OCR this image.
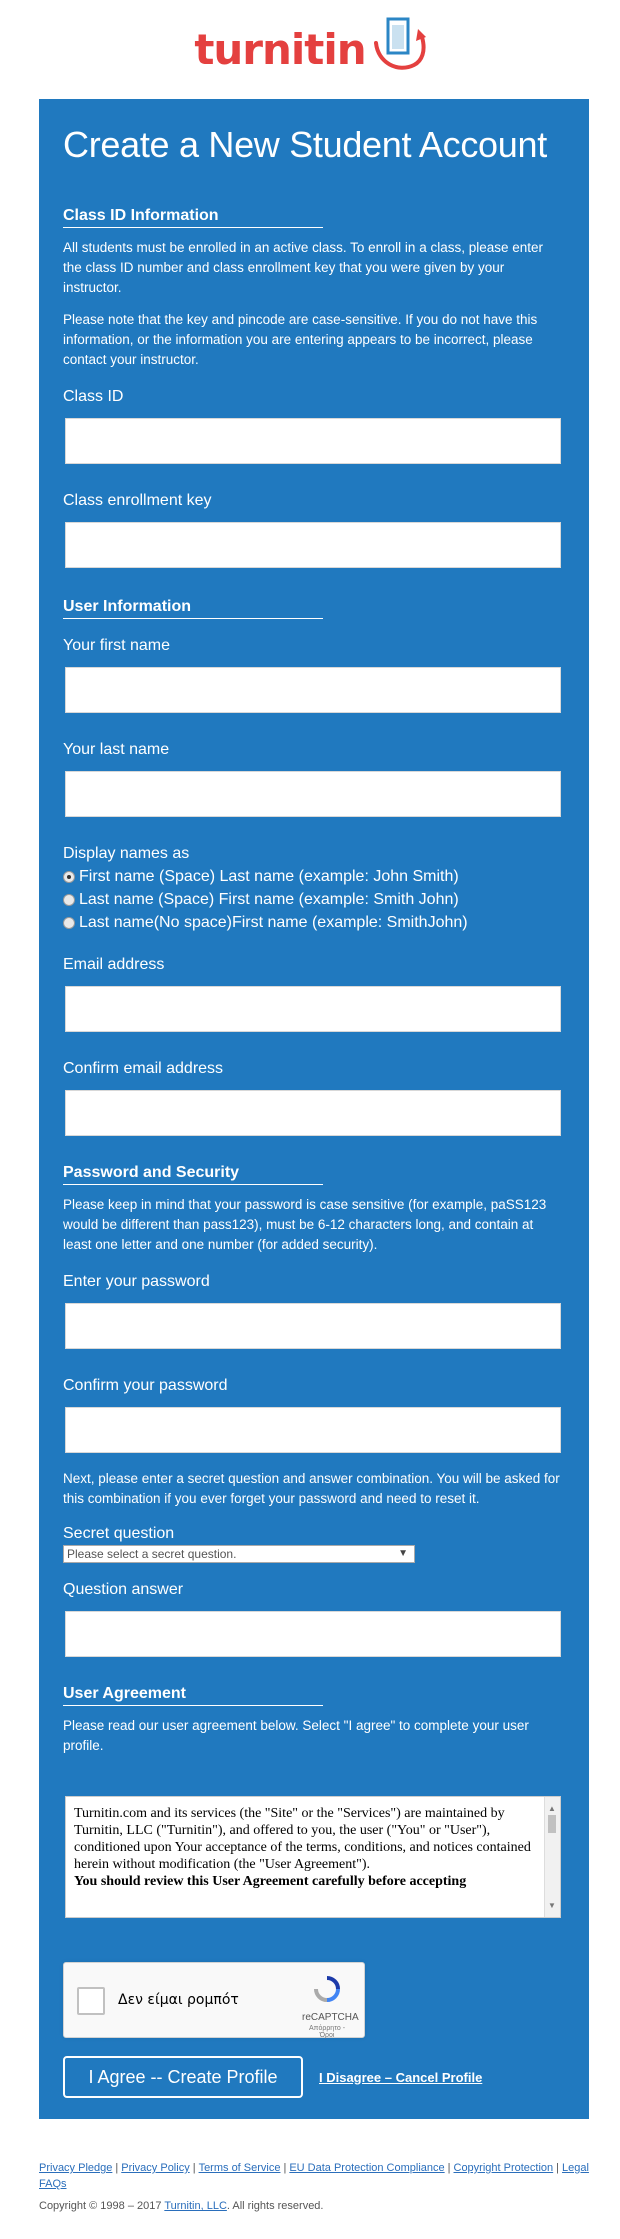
turnitin
Create a New Student Account
Class ID Information

All students must be enrolled in an active class. To enroll in a class, please enter the class ID number and class enrollment key that you were given by your instructor.

Please note that the key and pincode are case-sensitive. If you do not have this information, or the information you are entering appears to be incorrect, please contact your instructor.

Class ID
Class enrollment key
User Information
Your first name
Your last name
Display names as
First name (Space) Last name (example: John Smith)
Last name (Space) First name (example: Smith John)
Last name(No space)First name (example: SmithJohn)
Email address
Confirm email address
Password and Security

Please keep in mind that your password is case sensitive (for example, paSS123 would be different than pass123), must be 6-12 characters long, and contain at least one letter and one number (for added security).

Enter your password
Confirm your password

Next, please enter a secret question and answer combination. You will be asked for this combination if you ever forget your password and need to reset it.

Secret question
Please select a secret question.	▼
Question answer
User Agreement

Please read our user agreement below. Select "I agree" to complete your user profile.

Turnitin.com and its services (the "Site" or the "Services") are maintained by Turnitin, LLC ("Turnitin"), and offered to you, the user ("You" or "User"), conditioned upon Your acceptance of the terms, conditions, and notices contained herein without modification (the "User Agreement").
You should review this User Agreement carefully before accepting
▲
▼
Δεν είμαι ρομπότ
reCAPTCHA
Απόρρητο - Όροι
I Agree -- Create Profile	I Disagree – Cancel Profile
Privacy Pledge | Privacy Policy | Terms of Service | EU Data Protection Compliance | Copyright Protection | Legal FAQs
Copyright © 1998 – 2017 Turnitin, LLC. All rights reserved.
